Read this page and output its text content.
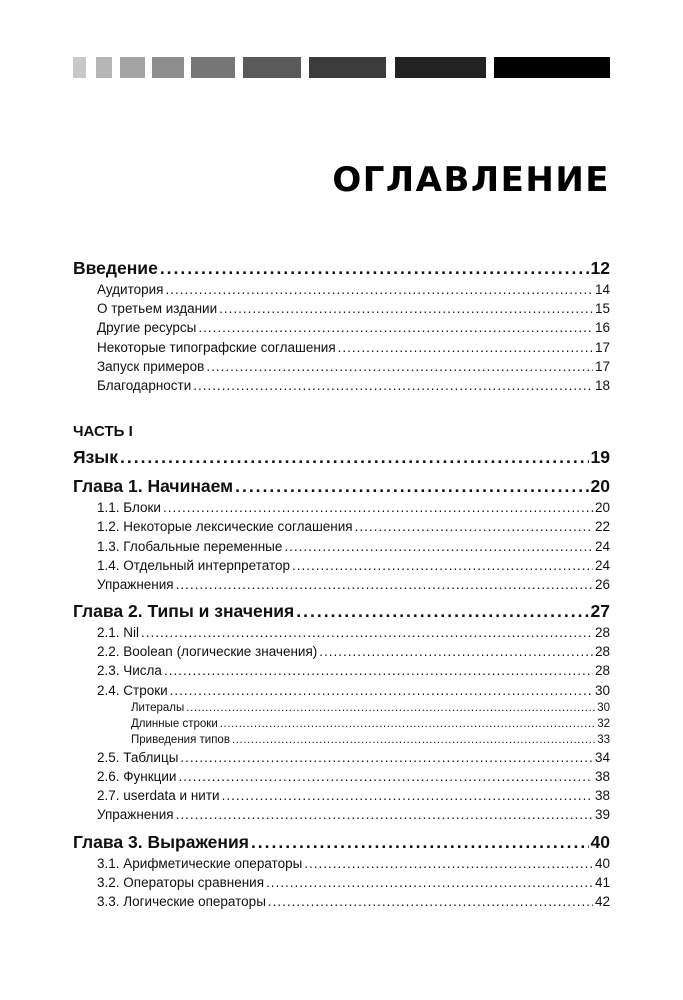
ОГЛАВЛЕНИЕ
Введение .....	12
Аудитория .....	14
О третьем издании .....	15
Другие ресурсы .....	16
Некоторые типографские соглашения .....	17
Запуск примеров .....	17
Благодарности .....	18
ЧАСТЬ I
Язык .....	19
Глава 1. Начинаем .....	20
1.1. Блоки .....	20
1.2. Некоторые лексические соглашения .....	22
1.3. Глобальные переменные .....	24
1.4. Отдельный интерпретатор .....	24
Упражнения .....	26
Глава 2. Типы и значения .....	27
2.1. Nil .....	28
2.2. Boolean (логические значения) .....	28
2.3. Числа .....	28
2.4. Строки .....	30
Литералы .....	30
Длинные строки .....	32
Приведения типов .....	33
2.5. Таблицы .....	34
2.6. Функции .....	38
2.7. userdata и нити .....	38
Упражнения .....	39
Глава 3. Выражения .....	40
3.1. Арифметические операторы .....	40
3.2. Операторы сравнения .....	41
3.3. Логические операторы .....	42
